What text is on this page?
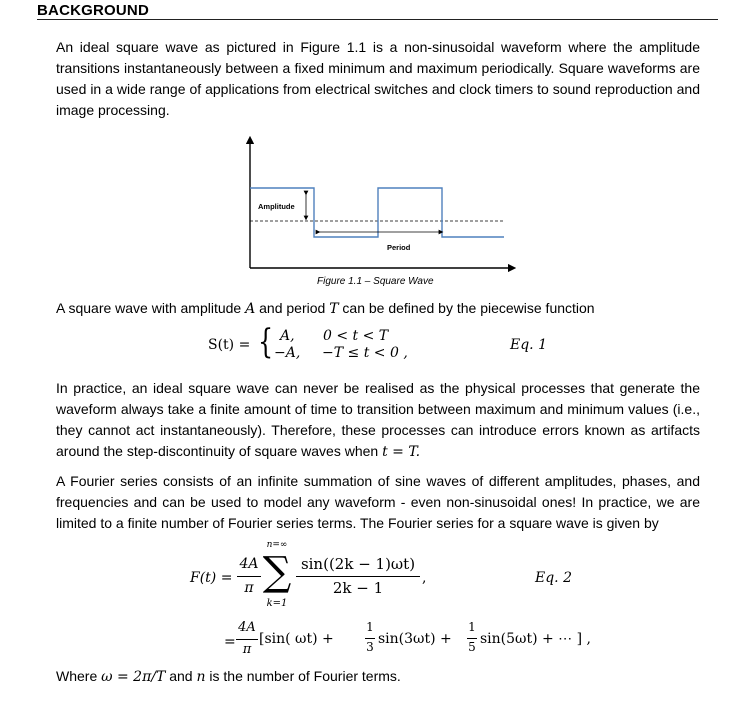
BACKGROUND
An ideal square wave as pictured in Figure 1.1 is a non-sinusoidal waveform where the amplitude transitions instantaneously between a fixed minimum and maximum periodically. Square waveforms are used in a wide range of applications from electrical switches and clock timers to sound reproduction and image processing.
Amplitude
Period
Figure 1.1 – Square Wave
A square wave with amplitude A and period T can be defined by the piecewise function
S(t) = { A,
−A,
0 < t < T
−T ≤ t < 0 ,	Eq. 1
In practice, an ideal square wave can never be realised as the physical processes that generate the waveform always take a finite amount of time to transition between maximum and minimum values (i.e., they cannot act instantaneously). Therefore, these processes can introduce errors known as artifacts around the step-discontinuity of square waves when t = T.
A Fourier series consists of an infinite summation of sine waves of different amplitudes, phases, and frequencies and can be used to model any waveform - even non-sinusoidal ones! In practice, we are limited to a finite number of Fourier series terms. The Fourier series for a square wave is given by
F(t) =
4A
π
n=∞
∑
k=1
sin((2k − 1)ωt)
2k − 1
,	Eq. 2
=
4A
π
[sin( ωt) +
1
3 sin(3ωt) +
1
5 sin(5ωt) + ⋯ ] ,
Where ω = 2π/T and n is the number of Fourier terms.
